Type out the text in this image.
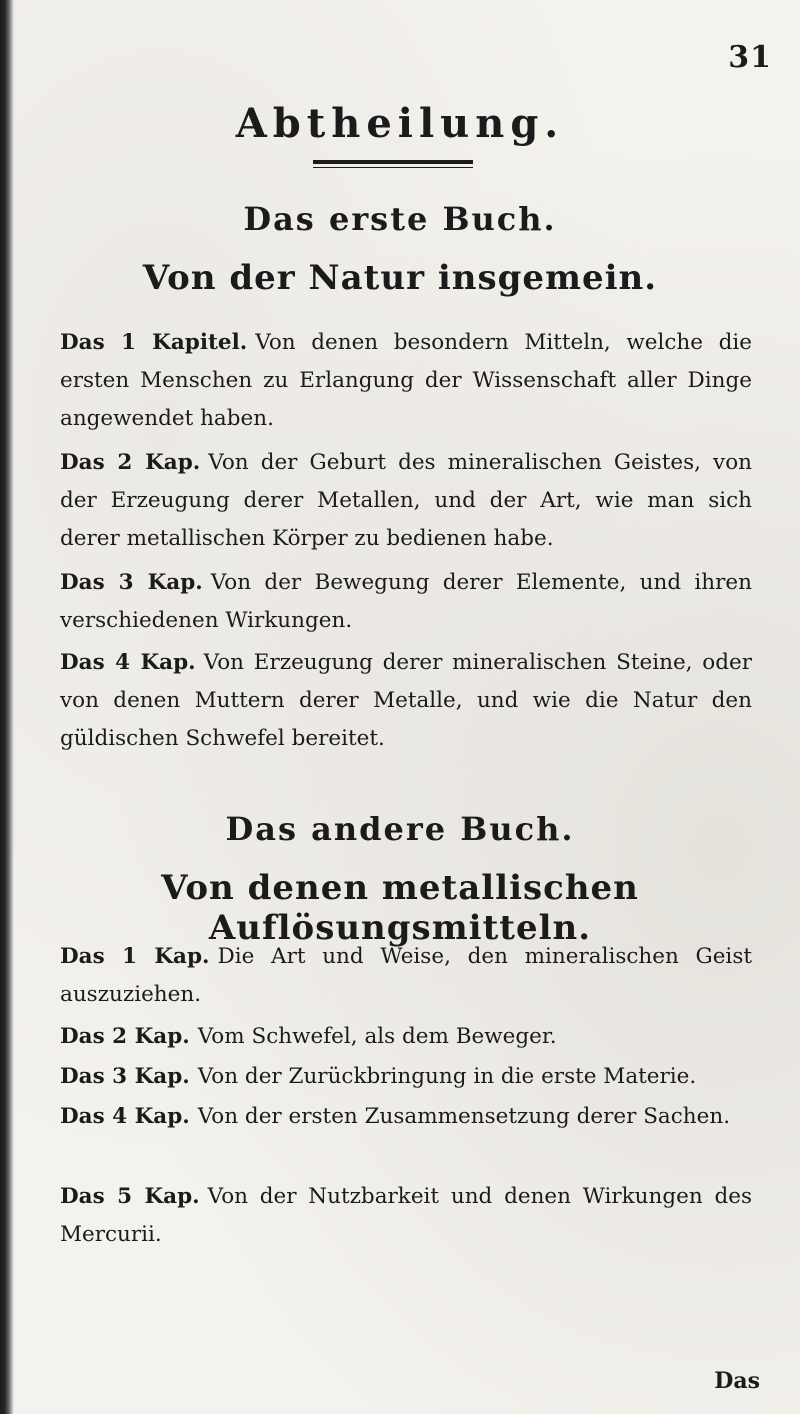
31
Abtheilung.
Das erste Buch.
Von der Natur insgemein.
Das 1 Kapitel. Von denen besondern Mitteln, welche die ersten Menschen zu Erlangung der Wissenschaft aller Dinge angewendet haben.
Das 2 Kap. Von der Geburt des mineralischen Geistes, von der Erzeugung derer Metallen, und der Art, wie man sich derer metallischen Körper zu bedienen habe.
Das 3 Kap. Von der Bewegung derer Elemente, und ihren verschiedenen Wirkungen.
Das 4 Kap. Von Erzeugung derer mineralischen Steine, oder von denen Muttern derer Metalle, und wie die Natur den güldischen Schwefel bereitet.
Das andere Buch.
Von denen metallischen Auflösungsmitteln.
Das 1 Kap. Die Art und Weise, den mineralischen Geist auszuziehen.
Das 2 Kap. Vom Schwefel, als dem Beweger.
Das 3 Kap. Von der Zurückbringung in die erste Materie.
Das 4 Kap. Von der ersten Zusammensetzung derer Sachen.
Das 5 Kap. Von der Nutzbarkeit und denen Wirkungen des Mercurii.
Das
